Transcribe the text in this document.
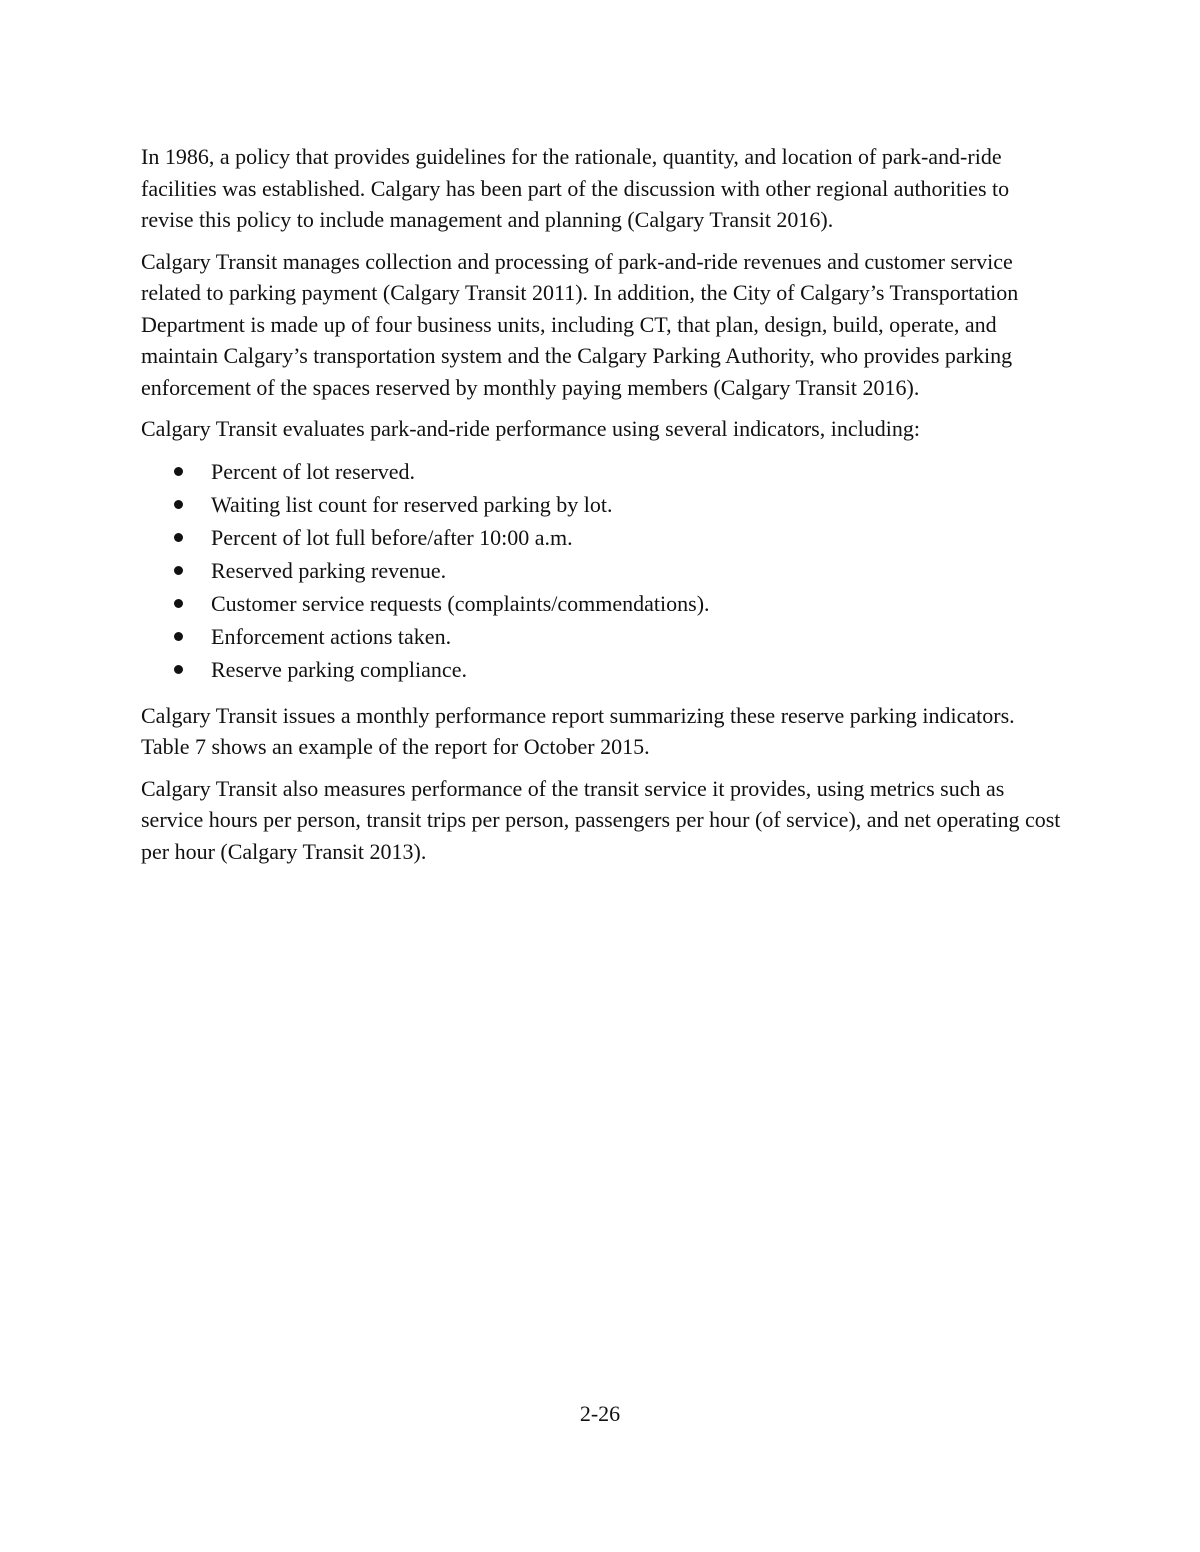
In 1986, a policy that provides guidelines for the rationale, quantity, and location of park-and-ride facilities was established. Calgary has been part of the discussion with other regional authorities to revise this policy to include management and planning (Calgary Transit 2016).

Calgary Transit manages collection and processing of park-and-ride revenues and customer service related to parking payment (Calgary Transit 2011). In addition, the City of Calgary’s Transportation Department is made up of four business units, including CT, that plan, design, build, operate, and maintain Calgary’s transportation system and the Calgary Parking Authority, who provides parking enforcement of the spaces reserved by monthly paying members (Calgary Transit 2016).

Calgary Transit evaluates park-and-ride performance using several indicators, including:

Percent of lot reserved.
Waiting list count for reserved parking by lot.
Percent of lot full before/after 10:00 a.m.
Reserved parking revenue.
Customer service requests (complaints/commendations).
Enforcement actions taken.
Reserve parking compliance.

Calgary Transit issues a monthly performance report summarizing these reserve parking indicators. Table 7 shows an example of the report for October 2015.

Calgary Transit also measures performance of the transit service it provides, using metrics such as service hours per person, transit trips per person, passengers per hour (of service), and net operating cost per hour (Calgary Transit 2013).

2-26
